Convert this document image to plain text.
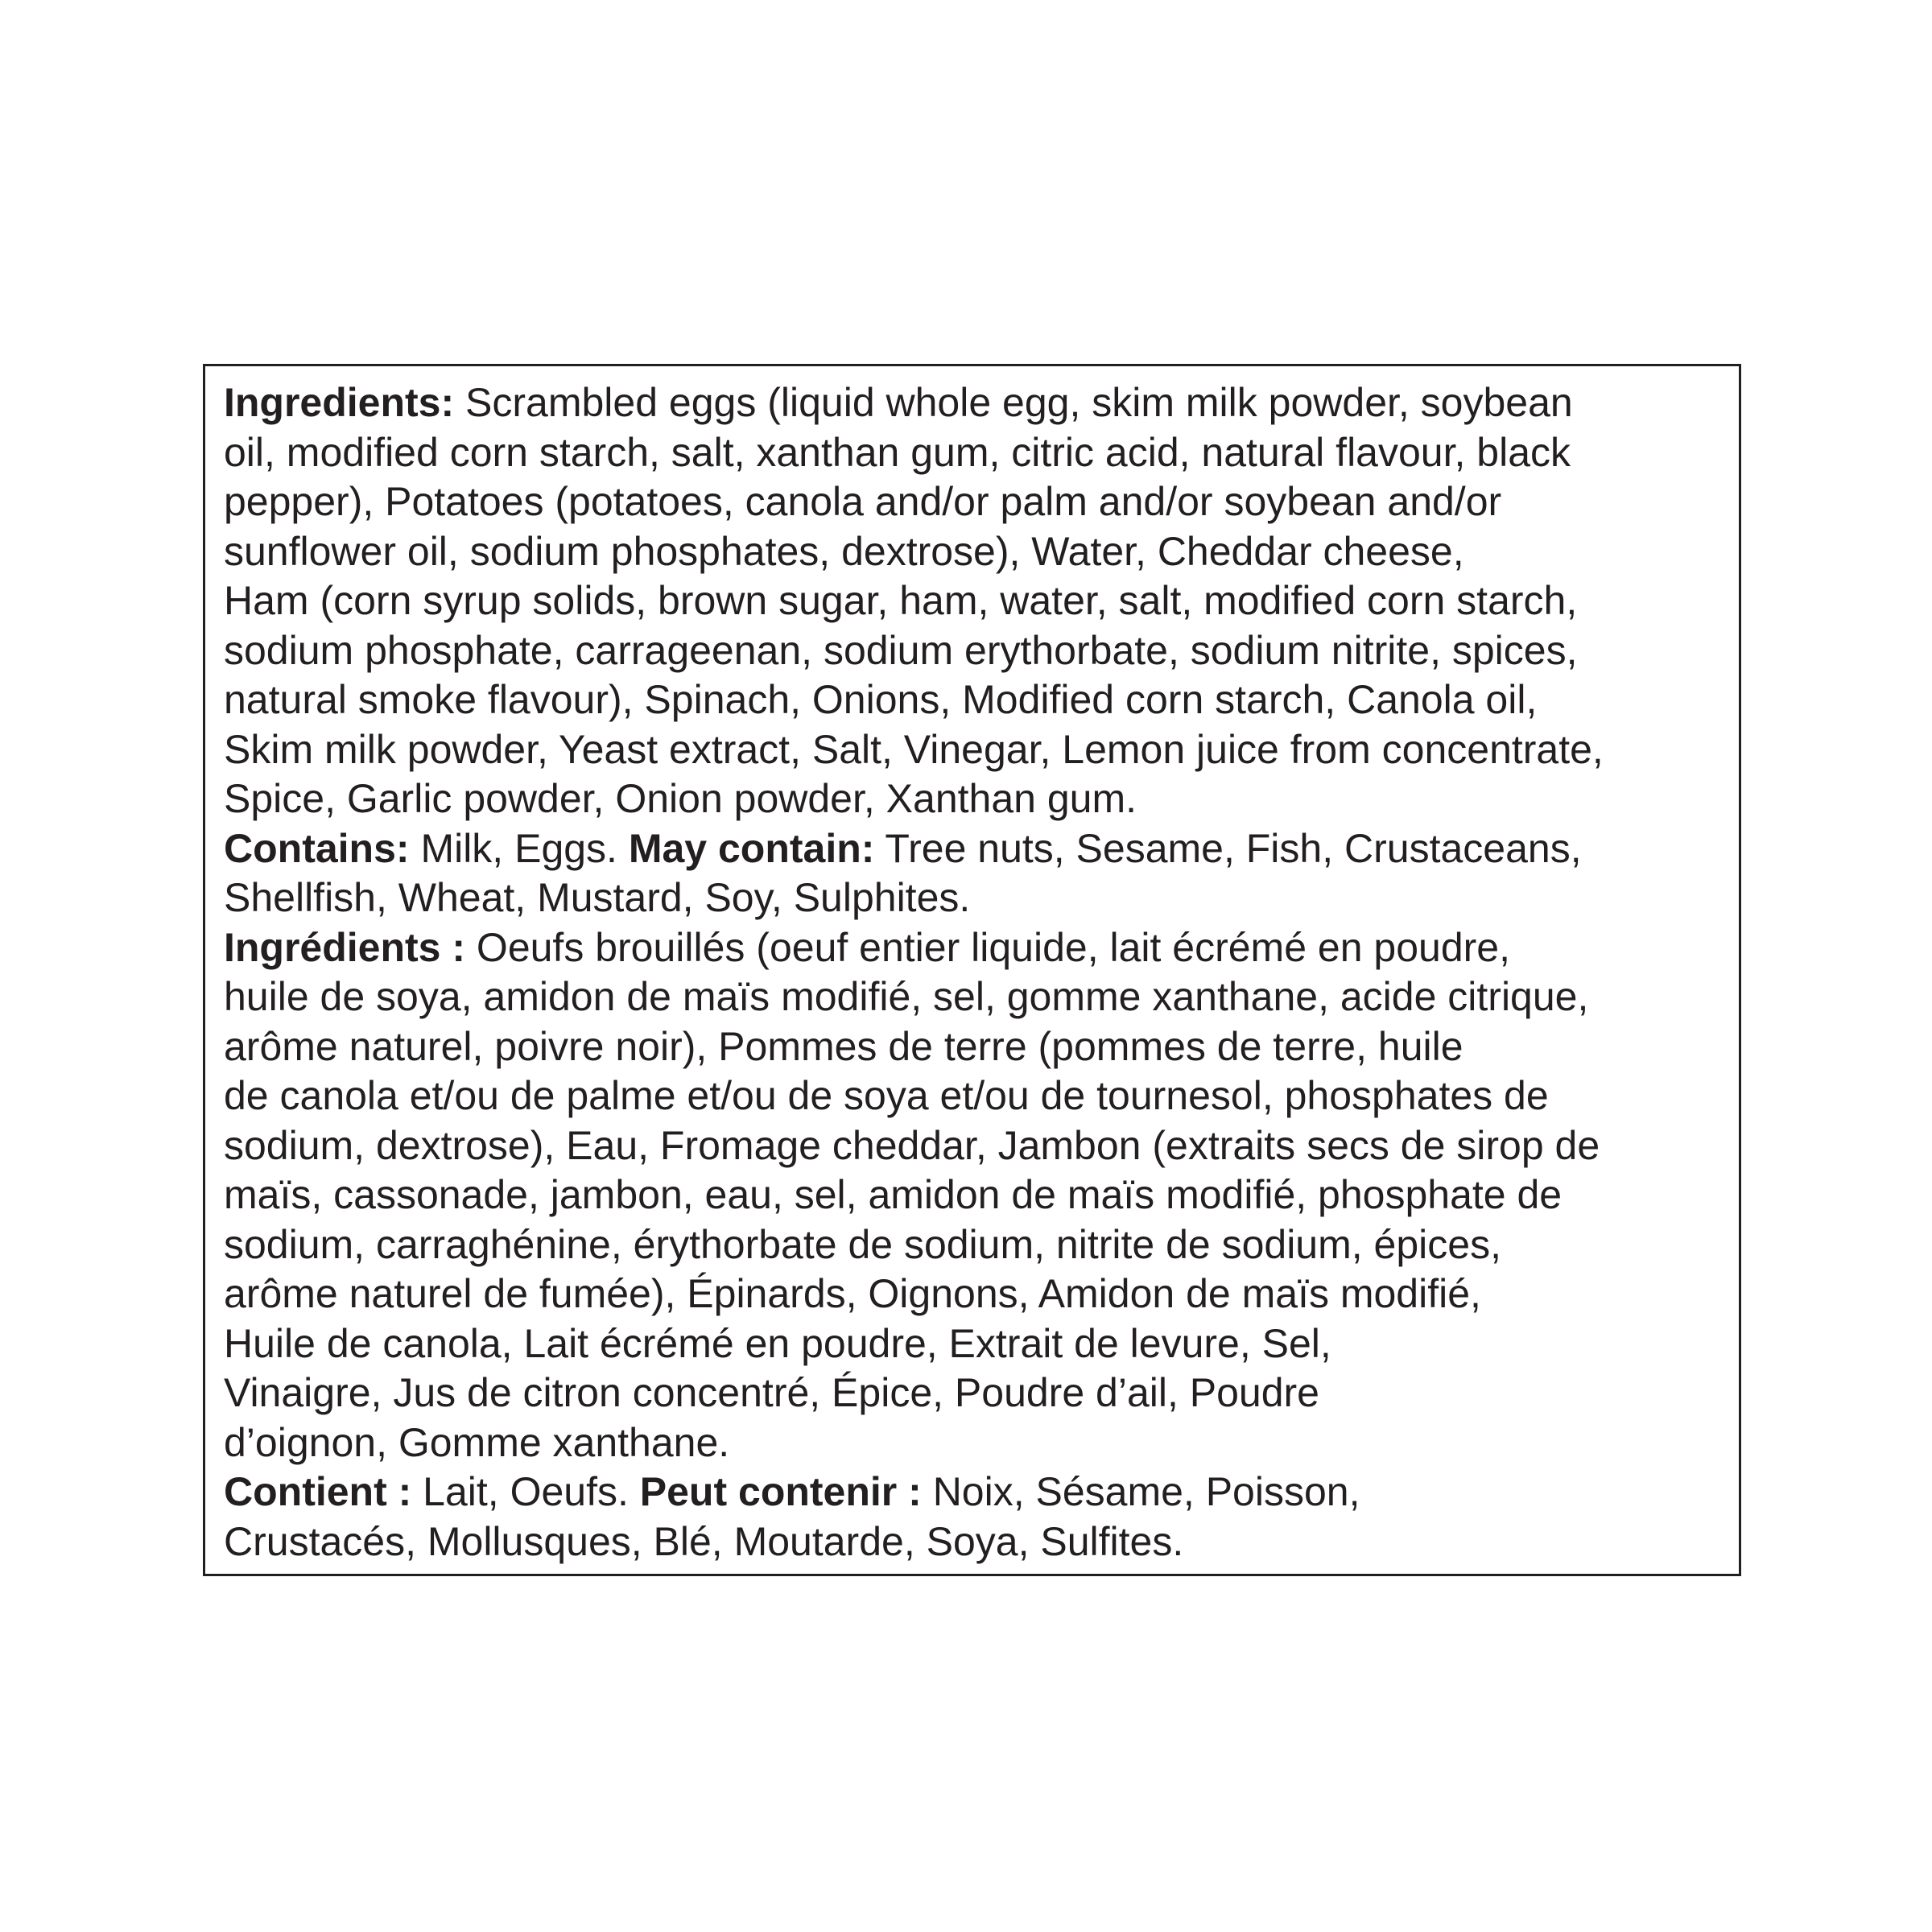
Ingredients: Scrambled eggs (liquid whole egg, skim milk powder, soybean
oil, modified corn starch, salt, xanthan gum, citric acid, natural flavour, black
pepper), Potatoes (potatoes, canola and/or palm and/or soybean and/or
sunflower oil, sodium phosphates, dextrose), Water, Cheddar cheese,
Ham (corn syrup solids, brown sugar, ham, water, salt, modified corn starch,
sodium phosphate, carrageenan, sodium erythorbate, sodium nitrite, spices,
natural smoke flavour), Spinach, Onions, Modified corn starch, Canola oil,
Skim milk powder, Yeast extract, Salt, Vinegar, Lemon juice from concentrate,
Spice, Garlic powder, Onion powder, Xanthan gum.
Contains: Milk, Eggs. May contain: Tree nuts, Sesame, Fish, Crustaceans,
Shellfish, Wheat, Mustard, Soy, Sulphites.
Ingrédients : Oeufs brouillés (oeuf entier liquide, lait écrémé en poudre,
huile de soya, amidon de maïs modifié, sel, gomme xanthane, acide citrique,
arôme naturel, poivre noir), Pommes de terre (pommes de terre, huile
de canola et/ou de palme et/ou de soya et/ou de tournesol, phosphates de
sodium, dextrose), Eau, Fromage cheddar, Jambon (extraits secs de sirop de
maïs, cassonade, jambon, eau, sel, amidon de maïs modifié, phosphate de
sodium, carraghénine, érythorbate de sodium, nitrite de sodium, épices,
arôme naturel de fumée), Épinards, Oignons, Amidon de maïs modifié,
Huile de canola, Lait écrémé en poudre, Extrait de levure, Sel,
Vinaigre, Jus de citron concentré, Épice, Poudre d’ail, Poudre
d’oignon, Gomme xanthane.
Contient : Lait, Oeufs. Peut contenir : Noix, Sésame, Poisson,
Crustacés, Mollusques, Blé, Moutarde, Soya, Sulfites.
